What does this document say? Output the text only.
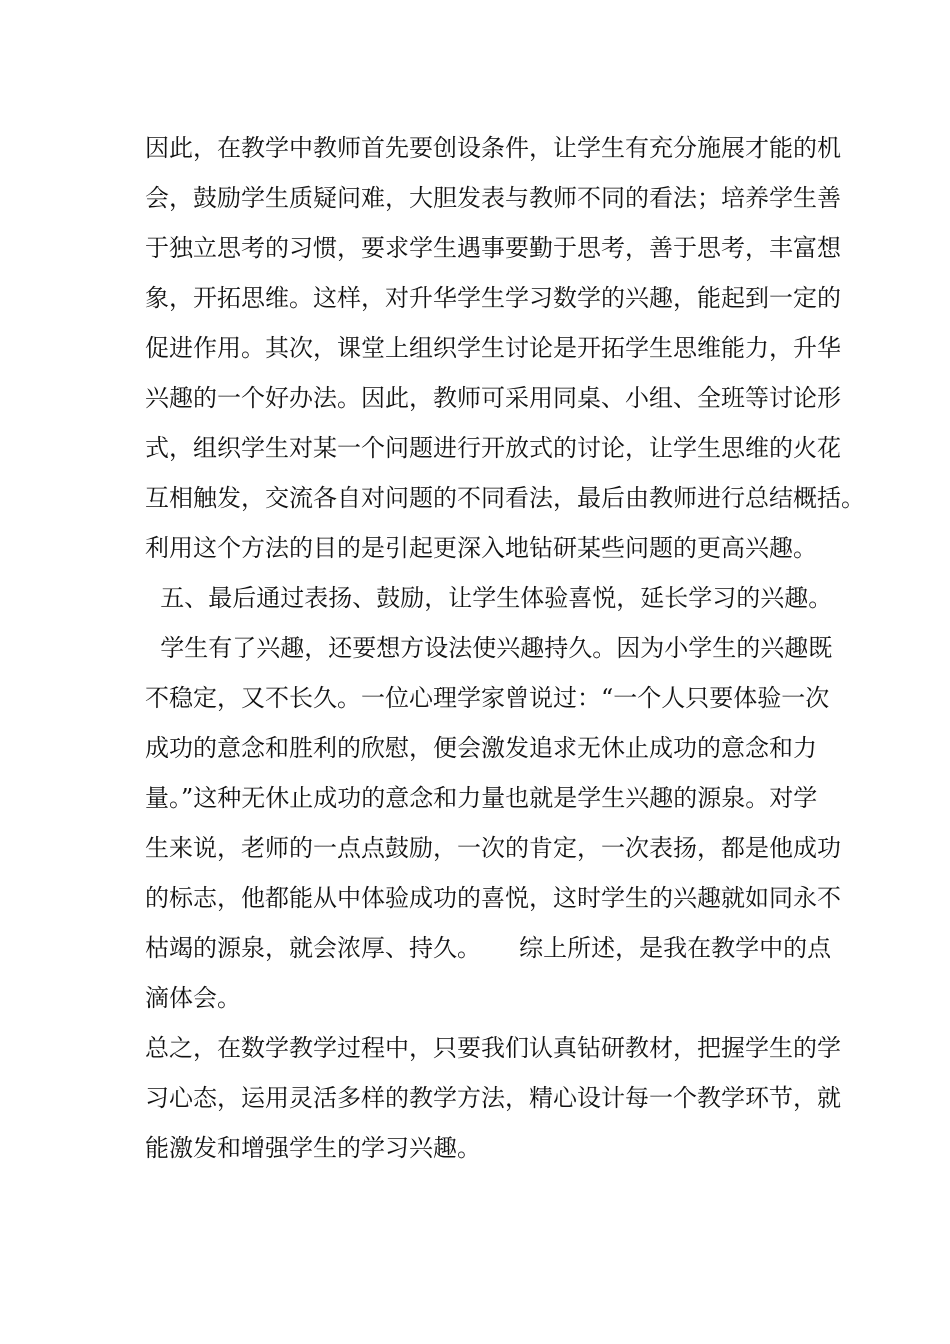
因此，在教学中教师首先要创设条件，让学生有充分施展才能的机
会，鼓励学生质疑问难，大胆发表与教师不同的看法；培养学生善
于独立思考的习惯，要求学生遇事要勤于思考，善于思考，丰富想
象，开拓思维。这样，对升华学生学习数学的兴趣，能起到一定的
促进作用。其次，课堂上组织学生讨论是开拓学生思维能力，升华
兴趣的一个好办法。因此，教师可采用同桌、小组、全班等讨论形
式，组织学生对某一个问题进行开放式的讨论，让学生思维的火花
互相触发，交流各自对问题的不同看法，最后由教师进行总结概括。
利用这个方法的目的是引起更深入地钻研某些问题的更高兴趣。
五、最后通过表扬、鼓励，让学生体验喜悦，延长学习的兴趣。
学生有了兴趣，还要想方设法使兴趣持久。因为小学生的兴趣既
不稳定，又不长久。一位心理学家曾说过：“一个人只要体验一次
成功的意念和胜利的欣慰，便会激发追求无休止成功的意念和力
量。”这种无休止成功的意念和力量也就是学生兴趣的源泉。对学
生来说，老师的一点点鼓励，一次的肯定，一次表扬，都是他成功
的标志，他都能从中体验成功的喜悦，这时学生的兴趣就如同永不
枯竭的源泉，就会浓厚、持久。     综上所述，是我在教学中的点
滴体会。
总之，在数学教学过程中，只要我们认真钻研教材，把握学生的学
习心态，运用灵活多样的教学方法，精心设计每一个教学环节，就
能激发和增强学生的学习兴趣。
